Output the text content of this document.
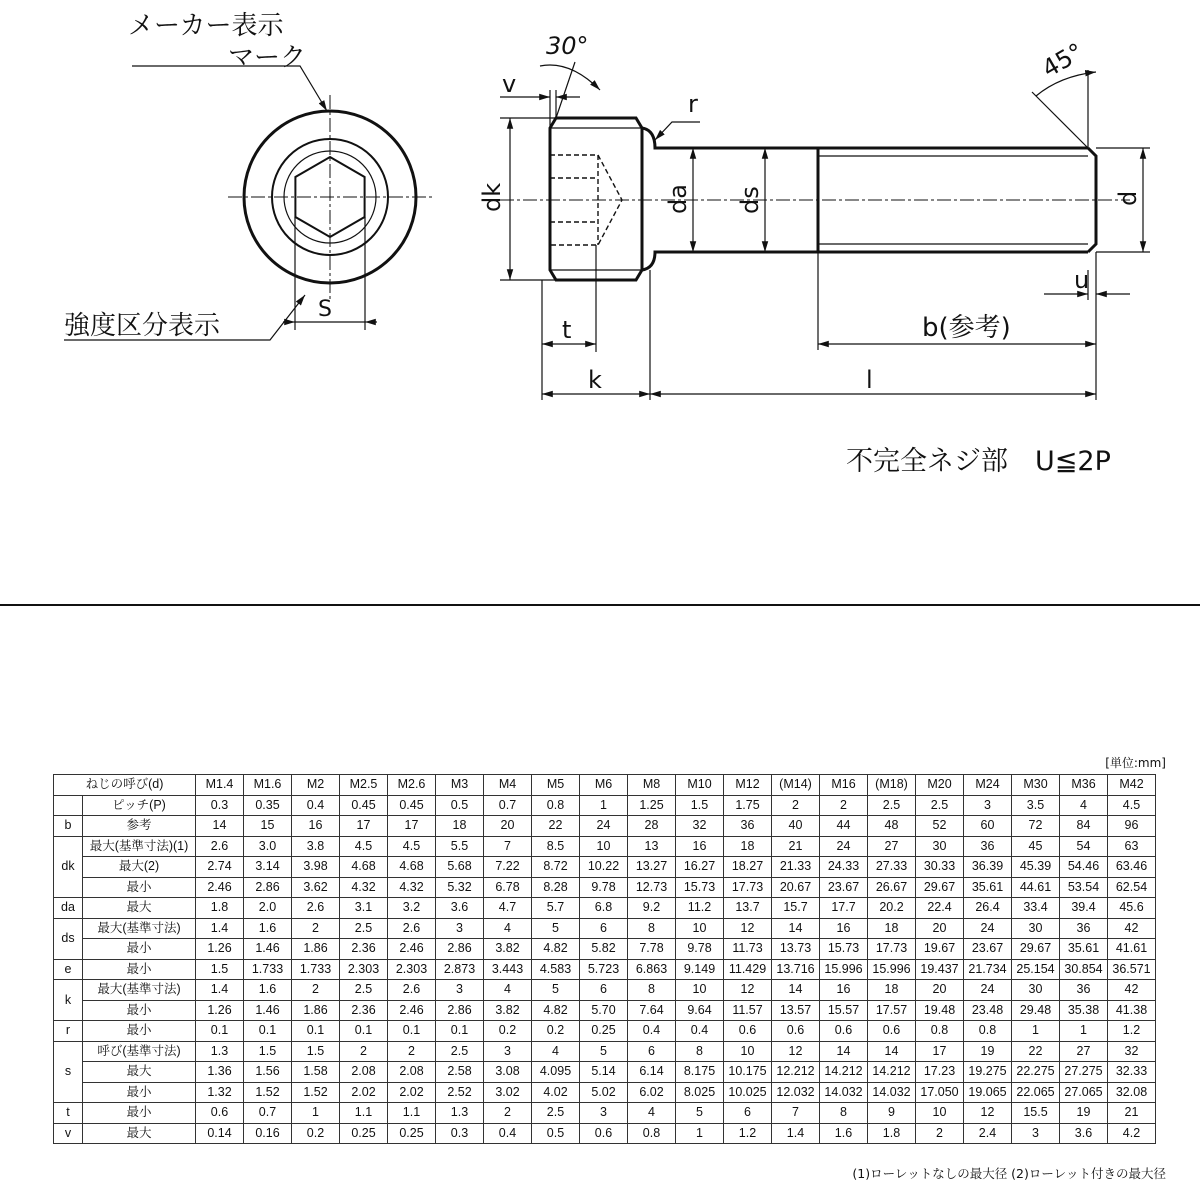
メーカー表示
マーク
強度区分表示
S
30°	45°
v
r
dk	da ds	d
u
t
k
b(参考)
l
不完全ネジ部　U≦2P
[単位:mm]
ねじの呼び(d)		M1.4	M1.6	M2	M2.5	M2.6	M3	M4	M5	M6	M8	M10	M12	(M14)	M16	(M18)	M20	M24	M30	M36	M42
	ピッチ(P)	0.3	0.35	0.4	0.45	0.45	0.5	0.7	0.8	1	1.25	1.5	1.75	2	2	2.5	2.5	3	3.5	4	4.5
b	参考	14	15	16	17	17	18	20	22	24	28	32	36	40	44	48	52	60	72	84	96
dk	最大(基準寸法)(1)	2.6	3.0	3.8	4.5	4.5	5.5	7	8.5	10	13	16	18	21	24	27	30	36	45	54	63
	最大(2)	2.74	3.14	3.98	4.68	4.68	5.68	7.22	8.72	10.22	13.27	16.27	18.27	21.33	24.33	27.33	30.33	36.39	45.39	54.46	63.46
	最小	2.46	2.86	3.62	4.32	4.32	5.32	6.78	8.28	9.78	12.73	15.73	17.73	20.67	23.67	26.67	29.67	35.61	44.61	53.54	62.54
da	最大	1.8	2.0	2.6	3.1	3.2	3.6	4.7	5.7	6.8	9.2	11.2	13.7	15.7	17.7	20.2	22.4	26.4	33.4	39.4	45.6
ds	最大(基準寸法)	1.4	1.6	2	2.5	2.6	3	4	5	6	8	10	12	14	16	18	20	24	30	36	42
	最小	1.26	1.46	1.86	2.36	2.46	2.86	3.82	4.82	5.82	7.78	9.78	11.73	13.73	15.73	17.73	19.67	23.67	29.67	35.61	41.61
e	最小	1.5	1.733	1.733	2.303	2.303	2.873	3.443	4.583	5.723	6.863	9.149	11.429	13.716	15.996	15.996	19.437	21.734	25.154	30.854	36.571
k	最大(基準寸法)	1.4	1.6	2	2.5	2.6	3	4	5	6	8	10	12	14	16	18	20	24	30	36	42
	最小	1.26	1.46	1.86	2.36	2.46	2.86	3.82	4.82	5.70	7.64	9.64	11.57	13.57	15.57	17.57	19.48	23.48	29.48	35.38	41.38
r	最小	0.1	0.1	0.1	0.1	0.1	0.1	0.2	0.2	0.25	0.4	0.4	0.6	0.6	0.6	0.6	0.8	0.8	1	1	1.2
s	呼び(基準寸法)	1.3	1.5	1.5	2	2	2.5	3	4	5	6	8	10	12	14	14	17	19	22	27	32
	最大	1.36	1.56	1.58	2.08	2.08	2.58	3.08	4.095	5.14	6.14	8.175	10.175	12.212	14.212	14.212	17.23	19.275	22.275	27.275	32.33
	最小	1.32	1.52	1.52	2.02	2.02	2.52	3.02	4.02	5.02	6.02	8.025	10.025	12.032	14.032	14.032	17.050	19.065	22.065	27.065	32.08
t	最小	0.6	0.7	1	1.1	1.1	1.3	2	2.5	3	4	5	6	7	8	9	10	12	15.5	19	21
v	最大	0.14	0.16	0.2	0.25	0.25	0.3	0.4	0.5	0.6	0.8	1	1.2	1.4	1.6	1.8	2	2.4	3	3.6	4.2
(1)ローレットなしの最大径 (2)ローレット付きの最大径
